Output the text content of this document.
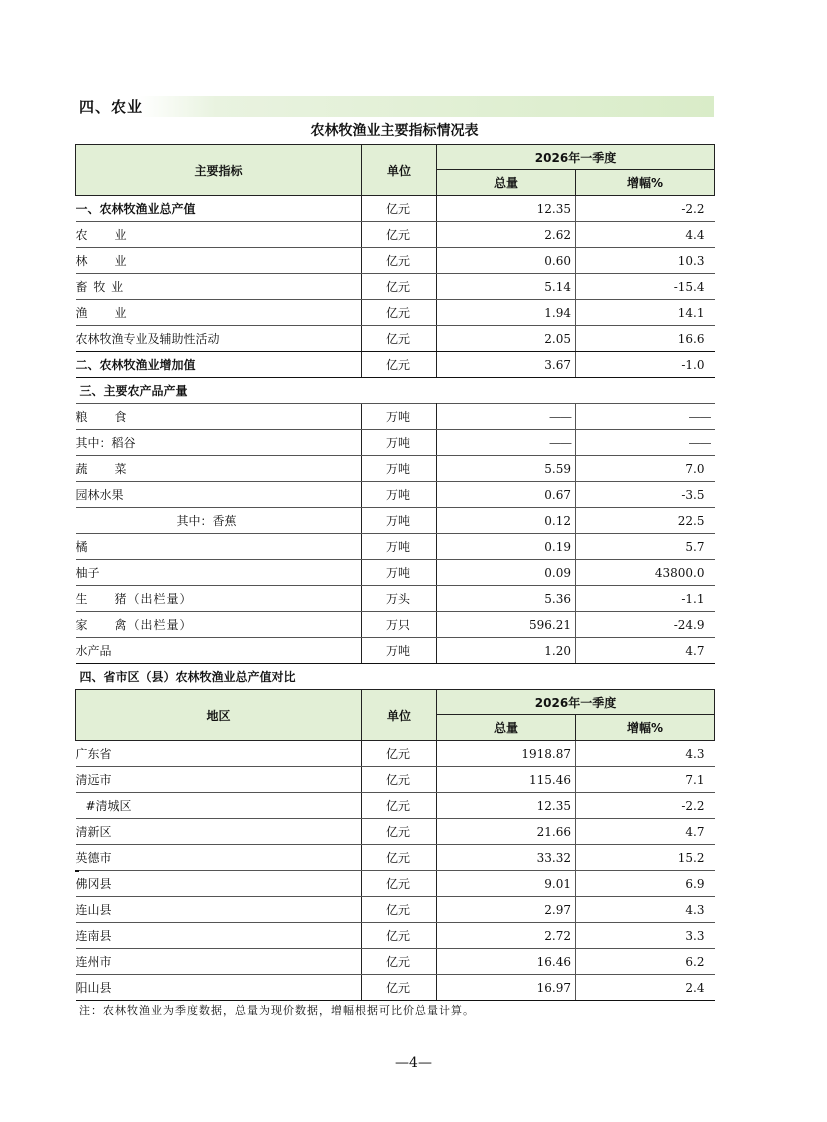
四、农业
农林牧渔业主要指标情况表
主要指标	单位	2026年一季度	
		总量	增幅%
一、农林牧渔业总产值	亿元	12.35	-2.2
农　　业	亿元	2.62	4.4
林　　业	亿元	0.60	10.3
畜 牧 业	亿元	5.14	-15.4
渔　　业	亿元	1.94	14.1
农林牧渔专业及辅助性活动	亿元	2.05	16.6
二、农林牧渔业增加值	亿元	3.67	-1.0
三、主要农产品产量			
粮　　食	万吨	——	——
其中：稻谷	万吨	——	——
蔬　　菜	万吨	5.59	7.0
园林水果	万吨	0.67	-3.5
其中：香蕉	万吨	0.12	22.5
橘	万吨	0.19	5.7
柚子	万吨	0.09	43800.0
生　　猪（出栏量）	万头	5.36	-1.1
家　　禽（出栏量）	万只	596.21	-24.9
水产品	万吨	1.20	4.7
四、省市区（县）农林牧渔业总产值对比			
地区	单位	2026年一季度	
		总量	增幅%
广东省	亿元	1918.87	4.3
清远市	亿元	115.46	7.1
#清城区	亿元	12.35	-2.2
清新区	亿元	21.66	4.7
英德市	亿元	33.32	15.2
佛冈县	亿元	9.01	6.9
连山县	亿元	2.97	4.3
连南县	亿元	2.72	3.3
连州市	亿元	16.46	6.2
阳山县	亿元	16.97	2.4
注：农林牧渔业为季度数据，总量为现价数据，增幅根据可比价总量计算。
—4—
